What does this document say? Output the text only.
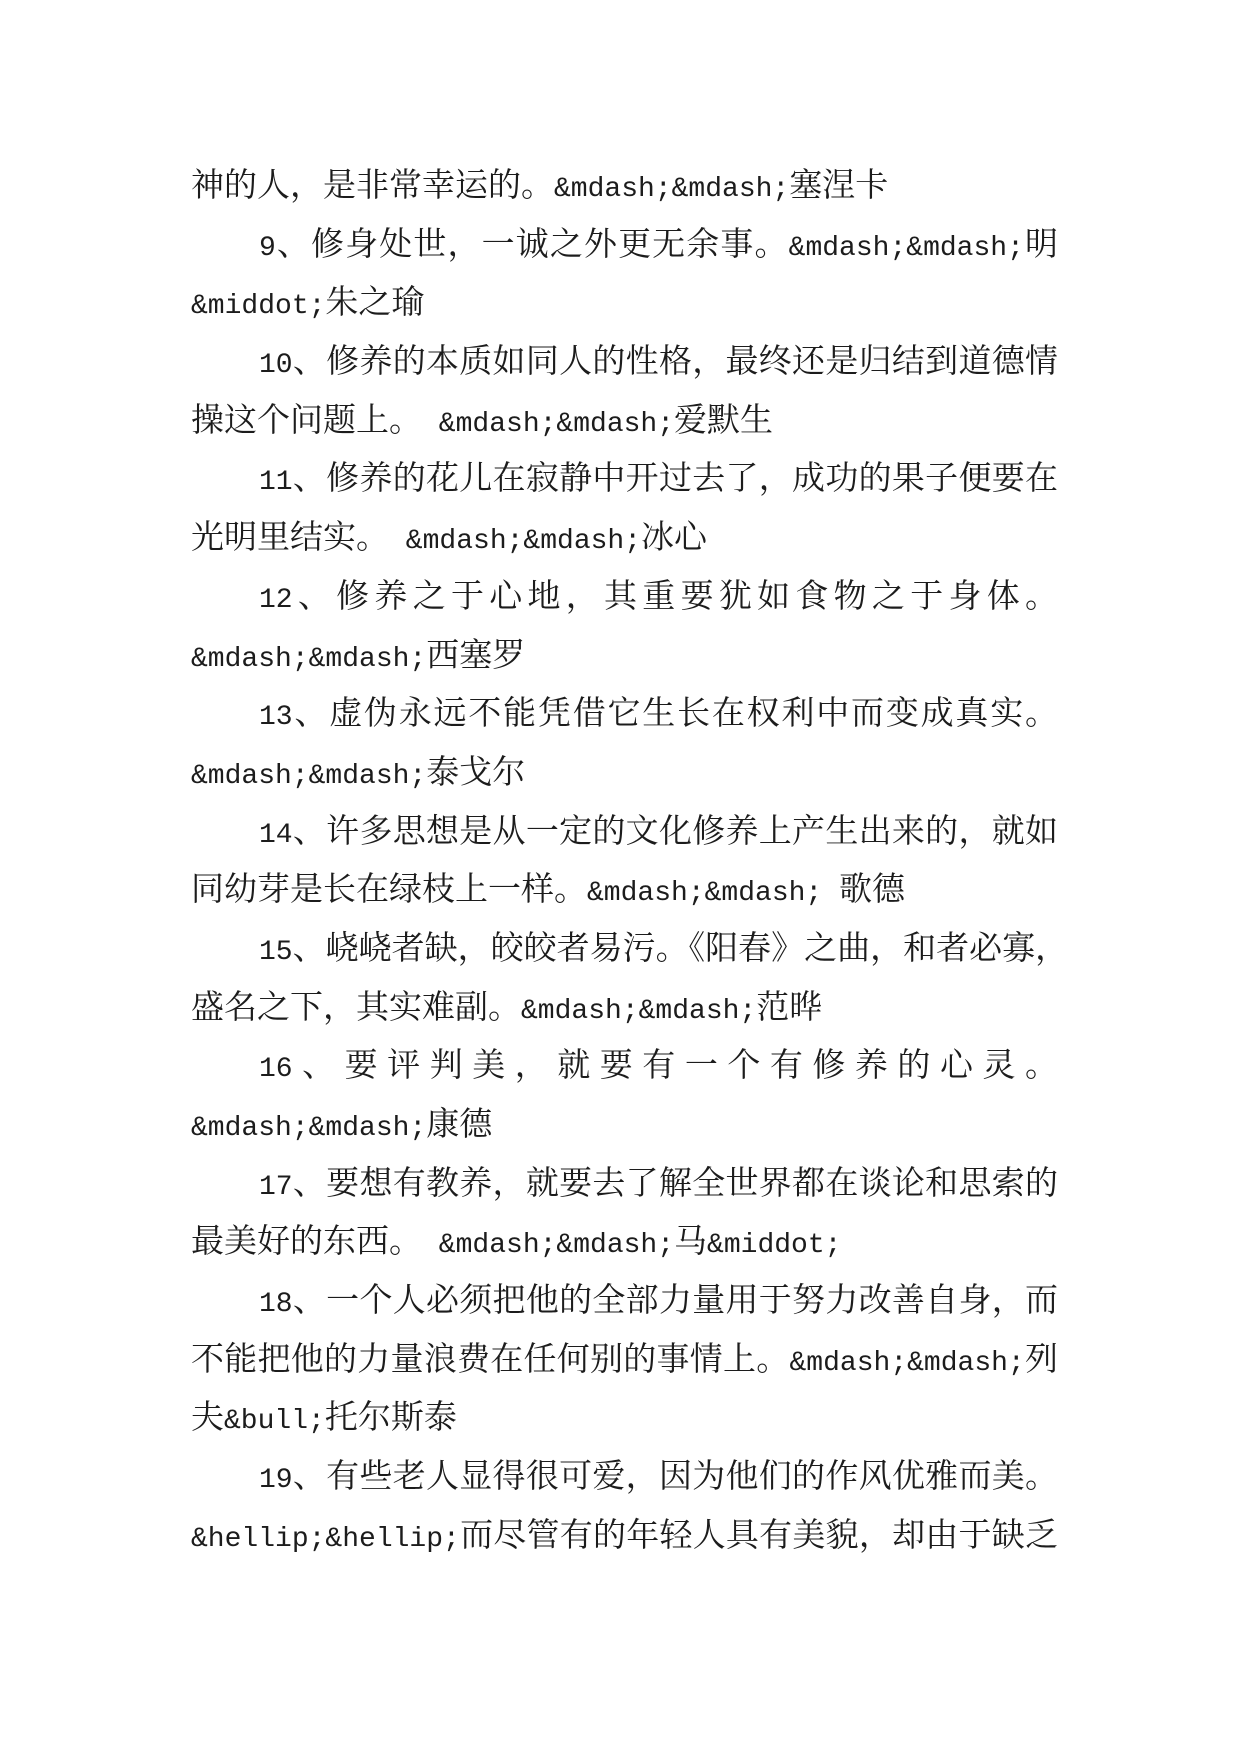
神的人，是非常幸运的。&mdash;&mdash;塞涅卡
9、修身处世，一诚之外更无余事。&mdash;&mdash;明
&middot;朱之瑜
10、修养的本质如同人的性格，最终还是归结到道德情
操这个问题上。 &mdash;&mdash;爱默生
11、修养的花儿在寂静中开过去了，成功的果子便要在
光明里结实。 &mdash;&mdash;冰心
12、修养之于心地，其重要犹如食物之于身体。
&mdash;&mdash;西塞罗
13、虚伪永远不能凭借它生长在权利中而变成真实。
&mdash;&mdash;泰戈尔
14、许多思想是从一定的文化修养上产生出来的，就如
同幼芽是长在绿枝上一样。&mdash;&mdash; 歌德
15、峣峣者缺，皎皎者易污。《阳春》之曲，和者必寡，
盛名之下，其实难副。&mdash;&mdash;范晔
16、要评判美，就要有一个有修养的心灵。
&mdash;&mdash;康德
17、要想有教养，就要去了解全世界都在谈论和思索的
最美好的东西。 &mdash;&mdash;马&middot;
18、一个人必须把他的全部力量用于努力改善自身，而
不能把他的力量浪费在任何别的事情上。&mdash;&mdash;列
夫&bull;托尔斯泰
19、有些老人显得很可爱，因为他们的作风优雅而美。
&hellip;&hellip;而尽管有的年轻人具有美貌，却由于缺乏
